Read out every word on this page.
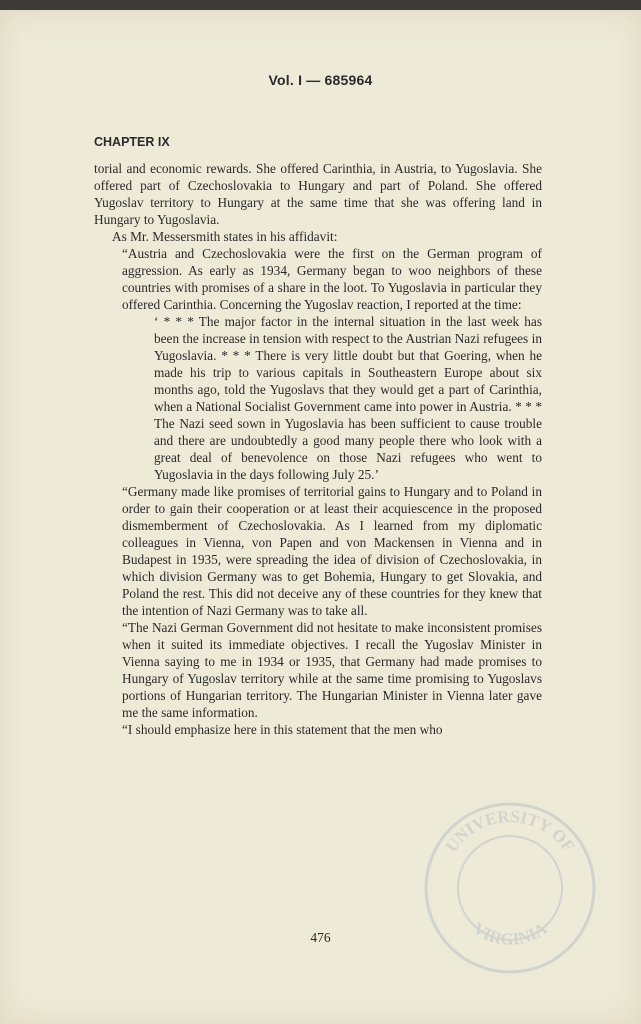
Vol. I — 685964
CHAPTER IX

torial and economic rewards. She offered Carinthia, in Austria, to Yugoslavia. She offered part of Czechoslovakia to Hungary and part of Poland. She offered Yugoslav territory to Hungary at the same time that she was offering land in Hungary to Yugoslavia.

As Mr. Messersmith states in his affidavit:

“Austria and Czechoslovakia were the first on the German program of aggression. As early as 1934, Germany began to woo neighbors of these countries with promises of a share in the loot. To Yugoslavia in particular they offered Carinthia. Concerning the Yugoslav reaction, I reported at the time:

‘ * * * The major factor in the internal situation in the last week has been the increase in tension with respect to the Austrian Nazi refugees in Yugoslavia. * * * There is very little doubt but that Goering, when he made his trip to various capitals in Southeastern Europe about six months ago, told the Yugoslavs that they would get a part of Carinthia, when a National Socialist Government came into power in Austria. * * * The Nazi seed sown in Yugoslavia has been sufficient to cause trouble and there are undoubtedly a good many people there who look with a great deal of benevolence on those Nazi refugees who went to Yugoslavia in the days following July 25.’

“Germany made like promises of territorial gains to Hungary and to Poland in order to gain their cooperation or at least their acquiescence in the proposed dismemberment of Czechoslovakia. As I learned from my diplomatic colleagues in Vienna, von Papen and von Mackensen in Vienna and in Budapest in 1935, were spreading the idea of division of Czechoslovakia, in which division Germany was to get Bohemia, Hungary to get Slovakia, and Poland the rest. This did not deceive any of these countries for they knew that the intention of Nazi Germany was to take all.

“The Nazi German Government did not hesitate to make inconsistent promises when it suited its immediate objectives. I recall the Yugoslav Minister in Vienna saying to me in 1934 or 1935, that Germany had made promises to Hungary of Yugoslav territory while at the same time promising to Yugoslavs portions of Hungarian territory. The Hungarian Minister in Vienna later gave me the same information.

“I should emphasize here in this statement that the men who

476
UNIVERSITY OF
VIRGINIA
